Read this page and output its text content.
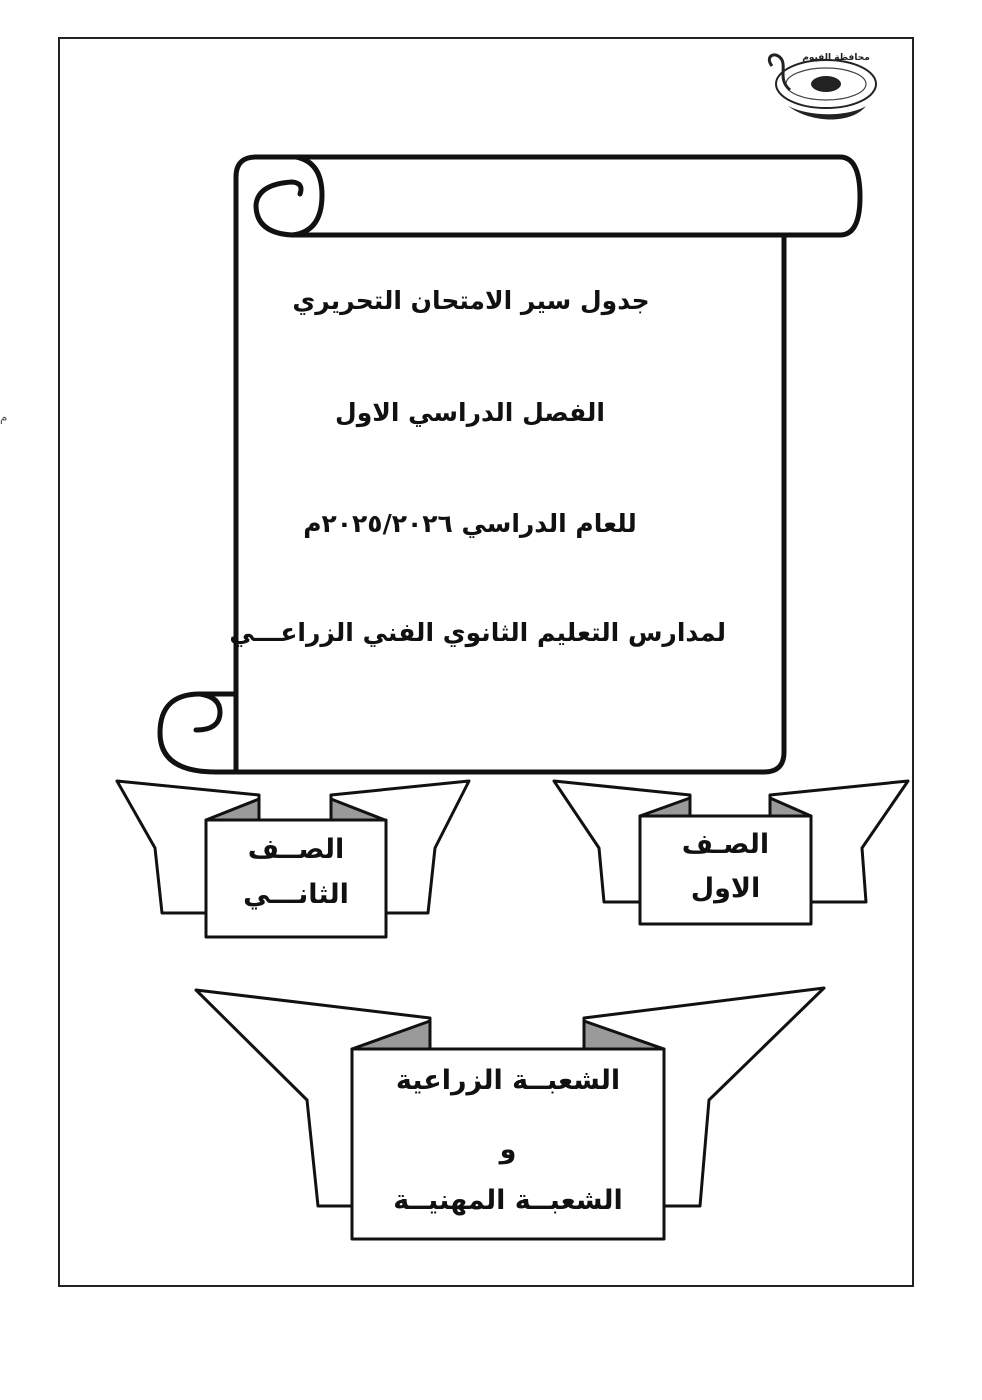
محافظة الفيوم
جدول سير الامتحان التحريري
الفصل الدراسي الاول
للعام الدراسي ٢٠٢٥/٢٠٢٦م
لمدارس التعليم الثانوي الفني الزراعـــي
الصــف
الثانـــي
الصـف
الاول
الشعبــة الزراعية
و
الشعبــة المهنيــة
م
